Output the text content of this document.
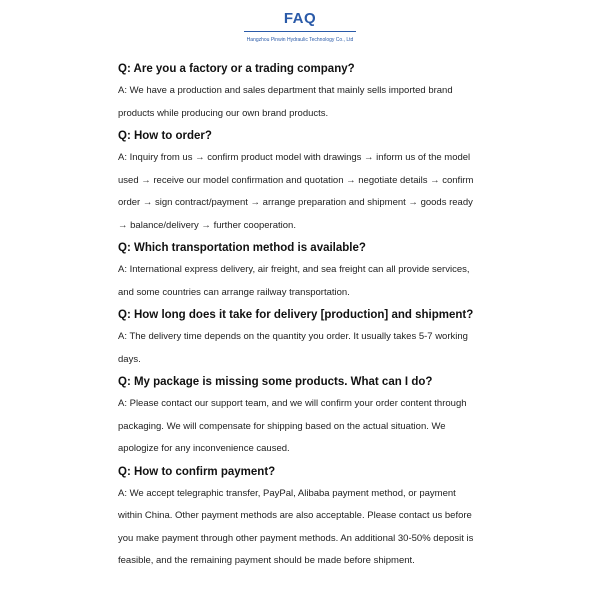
FAQ
Hangzhou Pinwin Hydraulic Technology Co., Ltd

Q: Are you a factory or a trading company?

A: We have a production and sales department that mainly sells imported brand products while producing our own brand products.

Q: How to order?

A: Inquiry from us → confirm product model with drawings → inform us of the model used → receive our model confirmation and quotation → negotiate details → confirm order → sign contract/payment → arrange preparation and shipment → goods ready → balance/delivery → further cooperation.

Q: Which transportation method is available?

A: International express delivery, air freight, and sea freight can all provide services, and some countries can arrange railway transportation.

Q: How long does it take for delivery [production] and shipment?

A: The delivery time depends on the quantity you order. It usually takes 5-7 working days.

Q: My package is missing some products. What can I do?

A: Please contact our support team, and we will confirm your order content through packaging. We will compensate for shipping based on the actual situation. We apologize for any inconvenience caused.

Q: How to confirm payment?

A: We accept telegraphic transfer, PayPal, Alibaba payment method, or payment within China. Other payment methods are also acceptable. Please contact us before you make payment through other payment methods. An additional 30-50% deposit is feasible, and the remaining payment should be made before shipment.
